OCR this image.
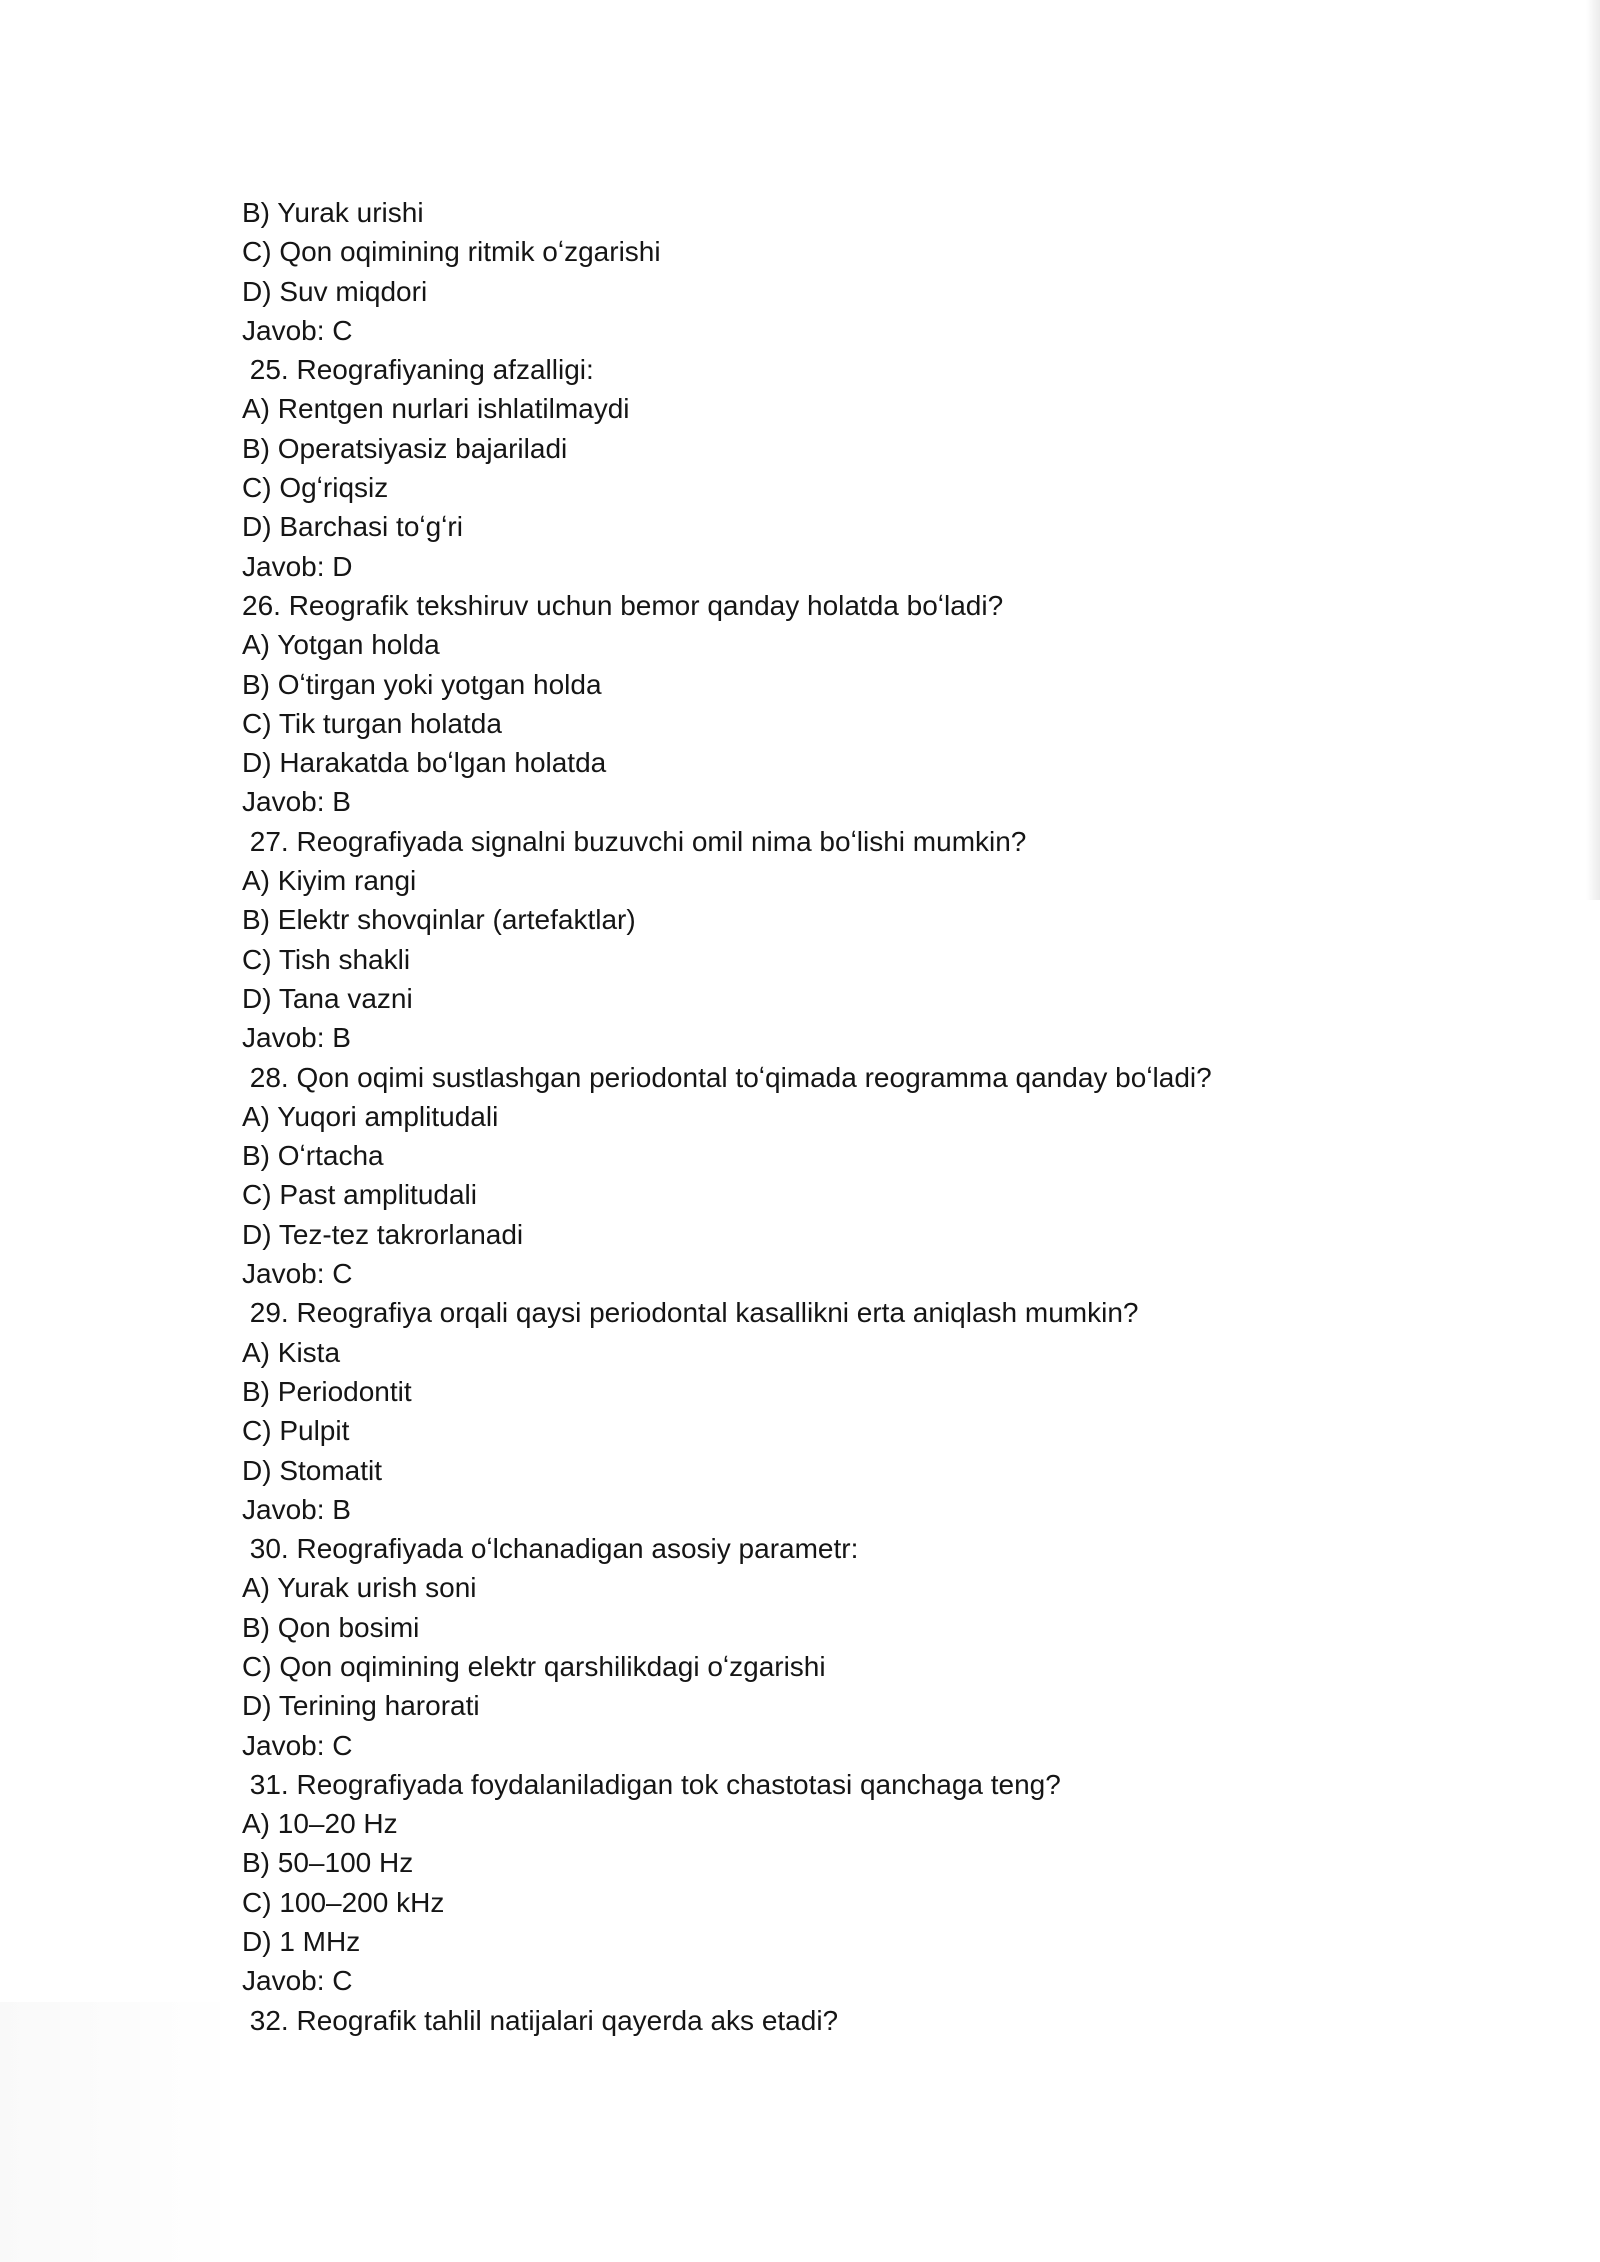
B) Yurak urishi

C) Qon oqimining ritmik oʻzgarishi

D) Suv miqdori

Javob: C

25. Reografiyaning afzalligi:

A) Rentgen nurlari ishlatilmaydi

B) Operatsiyasiz bajariladi

C) Ogʻriqsiz

D) Barchasi toʻgʻri

Javob: D

26. Reografik tekshiruv uchun bemor qanday holatda boʻladi?

A) Yotgan holda

B) Oʻtirgan yoki yotgan holda

C) Tik turgan holatda

D) Harakatda boʻlgan holatda

Javob: B

27. Reografiyada signalni buzuvchi omil nima boʻlishi mumkin?

A) Kiyim rangi

B) Elektr shovqinlar (artefaktlar)

C) Tish shakli

D) Tana vazni

Javob: B

28. Qon oqimi sustlashgan periodontal toʻqimada reogramma qanday boʻladi?

A) Yuqori amplitudali

B) Oʻrtacha

C) Past amplitudali

D) Tez-tez takrorlanadi

Javob: C

29. Reografiya orqali qaysi periodontal kasallikni erta aniqlash mumkin?

A) Kista

B) Periodontit

C) Pulpit

D) Stomatit

Javob: B

30. Reografiyada oʻlchanadigan asosiy parametr:

A) Yurak urish soni

B) Qon bosimi

C) Qon oqimining elektr qarshilikdagi oʻzgarishi

D) Terining harorati

Javob: C

31. Reografiyada foydalaniladigan tok chastotasi qanchaga teng?

A) 10–20 Hz

B) 50–100 Hz

C) 100–200 kHz

D) 1 MHz

Javob: C

32. Reografik tahlil natijalari qayerda aks etadi?
